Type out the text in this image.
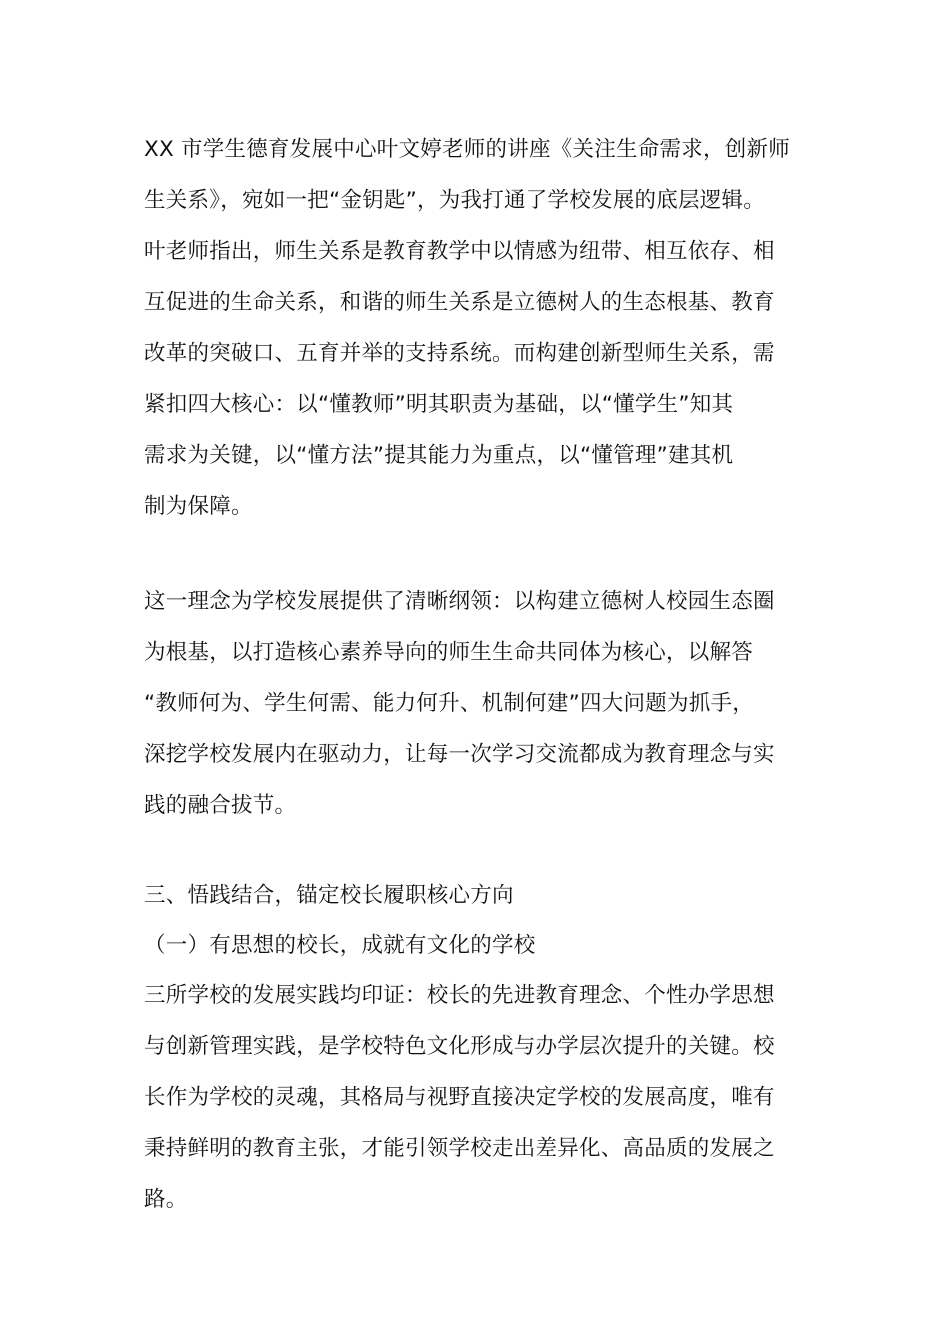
XX 市学生德育发展中心叶文婷老师的讲座《关注生命需求，创新师
生关系》，宛如一把“金钥匙”，为我打通了学校发展的底层逻辑。
叶老师指出，师生关系是教育教学中以情感为纽带、相互依存、相
互促进的生命关系，和谐的师生关系是立德树人的生态根基、教育
改革的突破口、五育并举的支持系统。而构建创新型师生关系，需
紧扣四大核心：以“懂教师”明其职责为基础，以“懂学生”知其
需求为关键，以“懂方法”提其能力为重点，以“懂管理”建其机
制为保障。
这一理念为学校发展提供了清晰纲领：以构建立德树人校园生态圈
为根基，以打造核心素养导向的师生生命共同体为核心，以解答
“教师何为、学生何需、能力何升、机制何建”四大问题为抓手，
深挖学校发展内在驱动力，让每一次学习交流都成为教育理念与实
践的融合拔节。
三、悟践结合，锚定校长履职核心方向
（一）有思想的校长，成就有文化的学校
三所学校的发展实践均印证：校长的先进教育理念、个性办学思想
与创新管理实践，是学校特色文化形成与办学层次提升的关键。校
长作为学校的灵魂，其格局与视野直接决定学校的发展高度，唯有
秉持鲜明的教育主张，才能引领学校走出差异化、高品质的发展之
路。
